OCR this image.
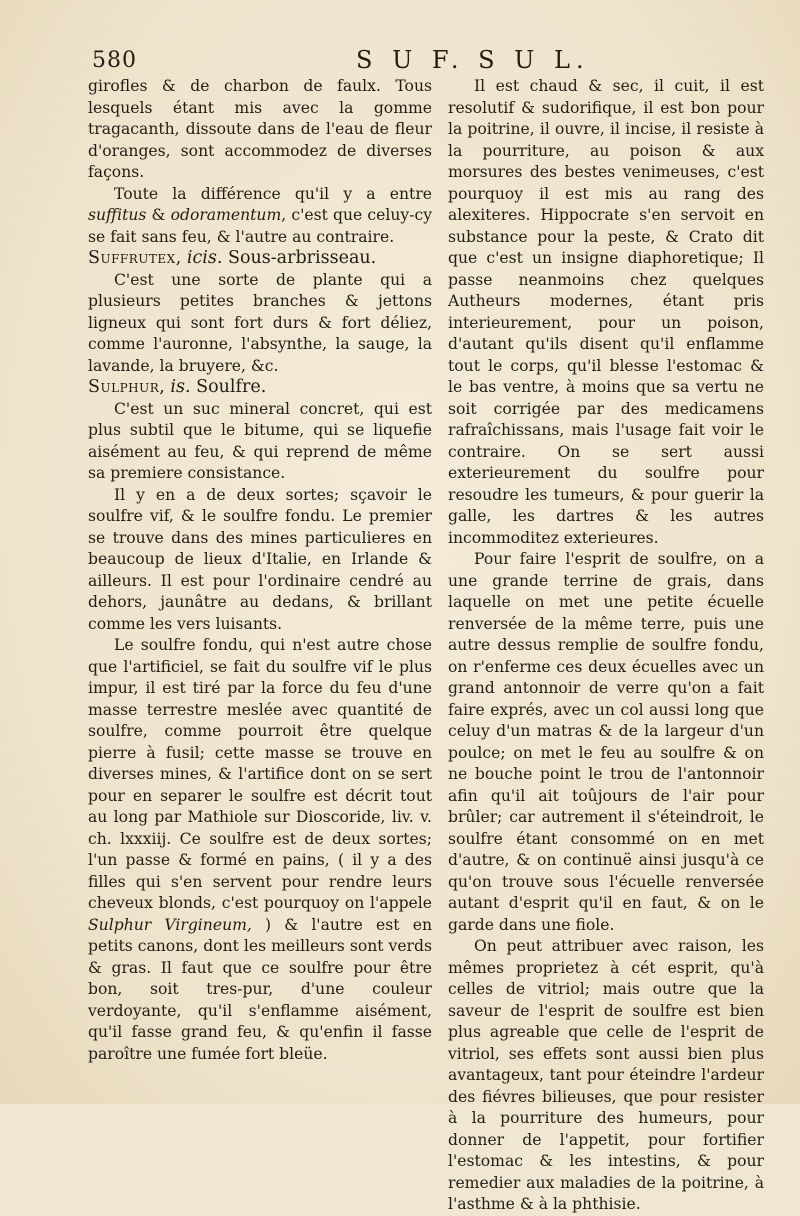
580	S U F. S U L.

girofles & de charbon de faulx. Tous lesquels étant mis avec la gomme tragacanth, dissoute dans de l'eau de fleur d'oranges, sont accommodez de diverses façons.

Toute la différence qu'il y a entre suffitus & odoramentum, c'est que celuy-cy se fait sans feu, & l'autre au contraire.

Suffrutex, icis. Sous-arbrisseau.

C'est une sorte de plante qui a plusieurs petites branches & jettons ligneux qui sont fort durs & fort déliez, comme l'auronne, l'absynthe, la sauge, la lavande, la bruyere, &c.

Sulphur, is. Soulfre.

C'est un suc mineral concret, qui est plus subtil que le bitume, qui se liquefie aisément au feu, & qui reprend de même sa premiere consistance.

Il y en a de deux sortes; sçavoir le soulfre vif, & le soulfre fondu. Le premier se trouve dans des mines particulieres en beaucoup de lieux d'Italie, en Irlande & ailleurs. Il est pour l'ordinaire cendré au dehors, jaunâtre au dedans, & brillant comme les vers luisants.

Le soulfre fondu, qui n'est autre chose que l'artificiel, se fait du soulfre vif le plus impur, il est tiré par la force du feu d'une masse terrestre meslée avec quantité de soulfre, comme pourroit être quelque pierre à fusil; cette masse se trouve en diverses mines, & l'artifice dont on se sert pour en separer le soulfre est décrit tout au long par Mathiole sur Dioscoride, liv. v. ch. lxxxiij. Ce soulfre est de deux sortes; l'un passe & formé en pains, ( il y a des filles qui s'en servent pour rendre leurs cheveux blonds, c'est pourquoy on l'appele Sulphur Virgineum, ) & l'autre est en petits canons, dont les meilleurs sont verds & gras. Il faut que ce soulfre pour être bon, soit tres-pur, d'une couleur verdoyante, qu'il s'enflamme aisément, qu'il fasse grand feu, & qu'enfin il fasse paroître une fumée fort bleüe.

Il est chaud & sec, il cuit, il est resolutif & sudorifique, il est bon pour la poitrine, il ouvre, il incise, il resiste à la pourriture, au poison & aux morsures des bestes venimeuses, c'est pourquoy il est mis au rang des alexiteres. Hippocrate s'en servoit en substance pour la peste, & Crato dit que c'est un insigne diaphoretique; Il passe neanmoins chez quelques Autheurs modernes, étant pris interieurement, pour un poison, d'autant qu'ils disent qu'il enflamme tout le corps, qu'il blesse l'estomac & le bas ventre, à moins que sa vertu ne soit corrigée par des medicamens rafraîchissans, mais l'usage fait voir le contraire. On se sert aussi exterieurement du soulfre pour resoudre les tumeurs, & pour guerir la galle, les dartres & les autres incommoditez exterieures.

Pour faire l'esprit de soulfre, on a une grande terrine de grais, dans laquelle on met une petite écuelle renversée de la même terre, puis une autre dessus remplie de soulfre fondu, on r'enferme ces deux écuelles avec un grand antonnoir de verre qu'on a fait faire exprés, avec un col aussi long que celuy d'un matras & de la largeur d'un poulce; on met le feu au soulfre & on ne bouche point le trou de l'antonnoir afin qu'il ait toûjours de l'air pour brûler; car autrement il s'éteindroit, le soulfre étant consommé on en met d'autre, & on continuë ainsi jusqu'à ce qu'on trouve sous l'écuelle renversée autant d'esprit qu'il en faut, & on le garde dans une fiole.

On peut attribuer avec raison, les mêmes proprietez à cét esprit, qu'à celles de vitriol; mais outre que la saveur de l'esprit de soulfre est bien plus agreable que celle de l'esprit de vitriol, ses effets sont aussi bien plus avantageux, tant pour éteindre l'ardeur des fiévres bilieuses, que pour resister à la pourriture des humeurs, pour donner de l'appetit, pour fortifier l'estomac & les intestins, & pour remedier aux maladies de la poitrine, à l'asthme & à la phthisie.
